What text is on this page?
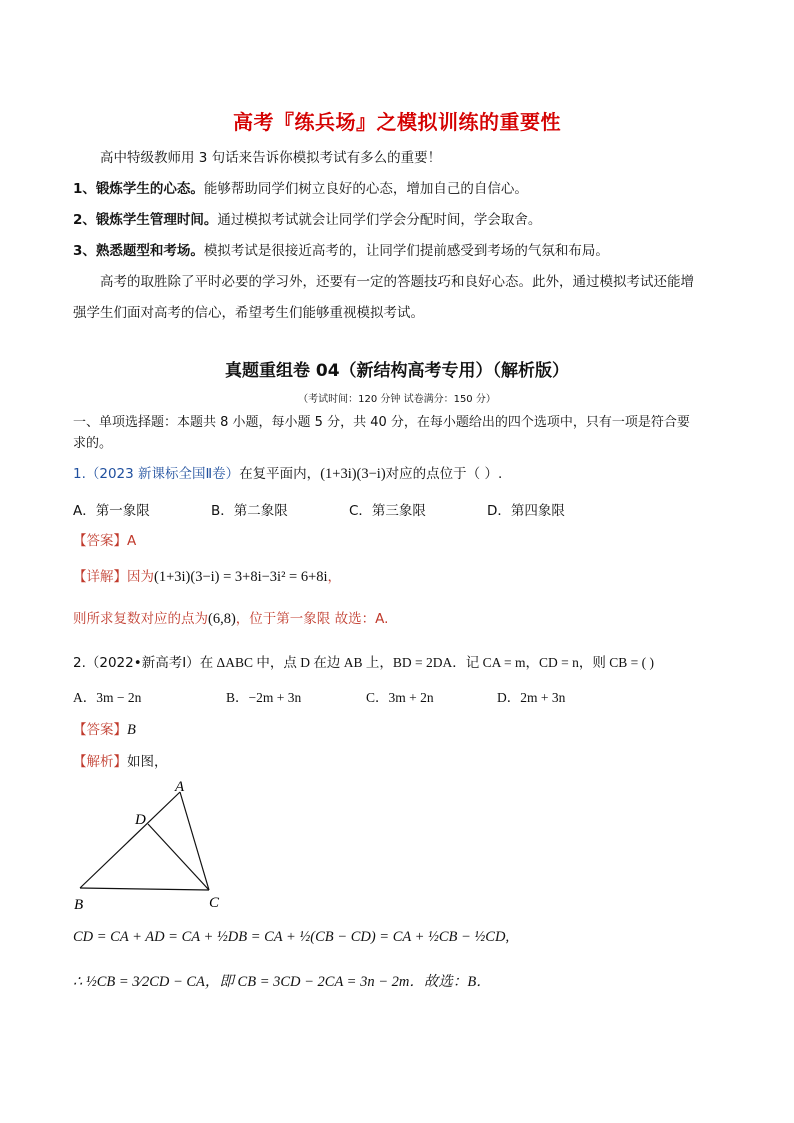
高考『练兵场』之模拟训练的重要性
高中特级教师用 3 句话来告诉你模拟考试有多么的重要！
1、锻炼学生的心态。能够帮助同学们树立良好的心态，增加自己的自信心。
2、锻炼学生管理时间。通过模拟考试就会让同学们学会分配时间，学会取舍。
3、熟悉题型和考场。模拟考试是很接近高考的，让同学们提前感受到考场的气氛和布局。
高考的取胜除了平时必要的学习外，还要有一定的答题技巧和良好心态。此外，通过模拟考试还能增
强学生们面对高考的信心，希望考生们能够重视模拟考试。
真题重组卷 04（新结构高考专用）（解析版）
（考试时间：120 分钟 试卷满分：150 分）
一、单项选择题：本题共 8 小题，每小题 5 分，共 40 分，在每小题给出的四个选项中，只有一项是符合要
求的。
1.（2023 新课标全国Ⅱ卷）在复平面内，(1+3i)(3−i)对应的点位于（ ）.
A．第一象限	B．第二象限	C．第三象限	D．第四象限
【答案】A
【详解】因为(1+3i)(3−i) = 3+8i−3i² = 6+8i，
则所求复数对应的点为(6,8)，位于第一象限 故选：A.
2.（2022•新高考Ⅰ）在 ΔABC 中，点 D 在边 AB 上，BD = 2DA．记 CA = m，CD = n，则 CB = ( )
A．3m − 2n	B．−2m + 3n	C．3m + 2n	D．2m + 3n
【答案】B
【解析】如图，
A
D
B	C
CD = CA + AD = CA + ½DB = CA + ½(CB − CD) = CA + ½CB − ½CD,
∴ ½CB = 3⁄2CD − CA，即 CB = 3CD − 2CA = 3n − 2m．故选：B．
